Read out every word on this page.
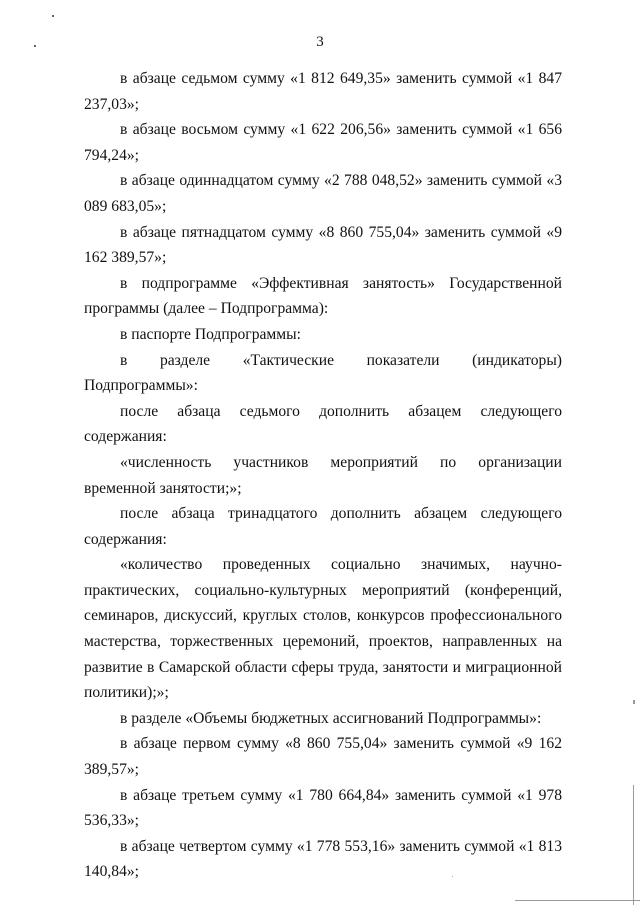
3

в абзаце седьмом сумму «1 812 649,35» заменить суммой «1 847 237,03»;

в абзаце восьмом сумму «1 622 206,56» заменить суммой «1 656 794,24»;

в абзаце одиннадцатом сумму «2 788 048,52» заменить суммой «3 089 683,05»;

в абзаце пятнадцатом сумму «8 860 755,04» заменить суммой «9 162 389,57»;

в подпрограмме «Эффективная занятость» Государственной программы (далее – Подпрограмма):

в паспорте Подпрограммы:

в разделе «Тактические показатели (индикаторы) Подпрограммы»:

после абзаца седьмого дополнить абзацем следующего содержания:

«численность участников мероприятий по организации временной занятости;»;

после абзаца тринадцатого дополнить абзацем следующего содержания:

«количество проведенных социально значимых, научно-практических, социально-культурных мероприятий (конференций, семинаров, дискуссий, круглых столов, конкурсов профессионального мастерства, торжественных церемоний, проектов, направленных на развитие в Самарской области сферы труда, занятости и миграционной политики);»;

в разделе «Объемы бюджетных ассигнований Подпрограммы»:

в абзаце первом сумму «8 860 755,04» заменить суммой «9 162 389,57»;

в абзаце третьем сумму «1 780 664,84» заменить суммой «1 978 536,33»;

в абзаце четвертом сумму «1 778 553,16» заменить суммой «1 813 140,84»;
